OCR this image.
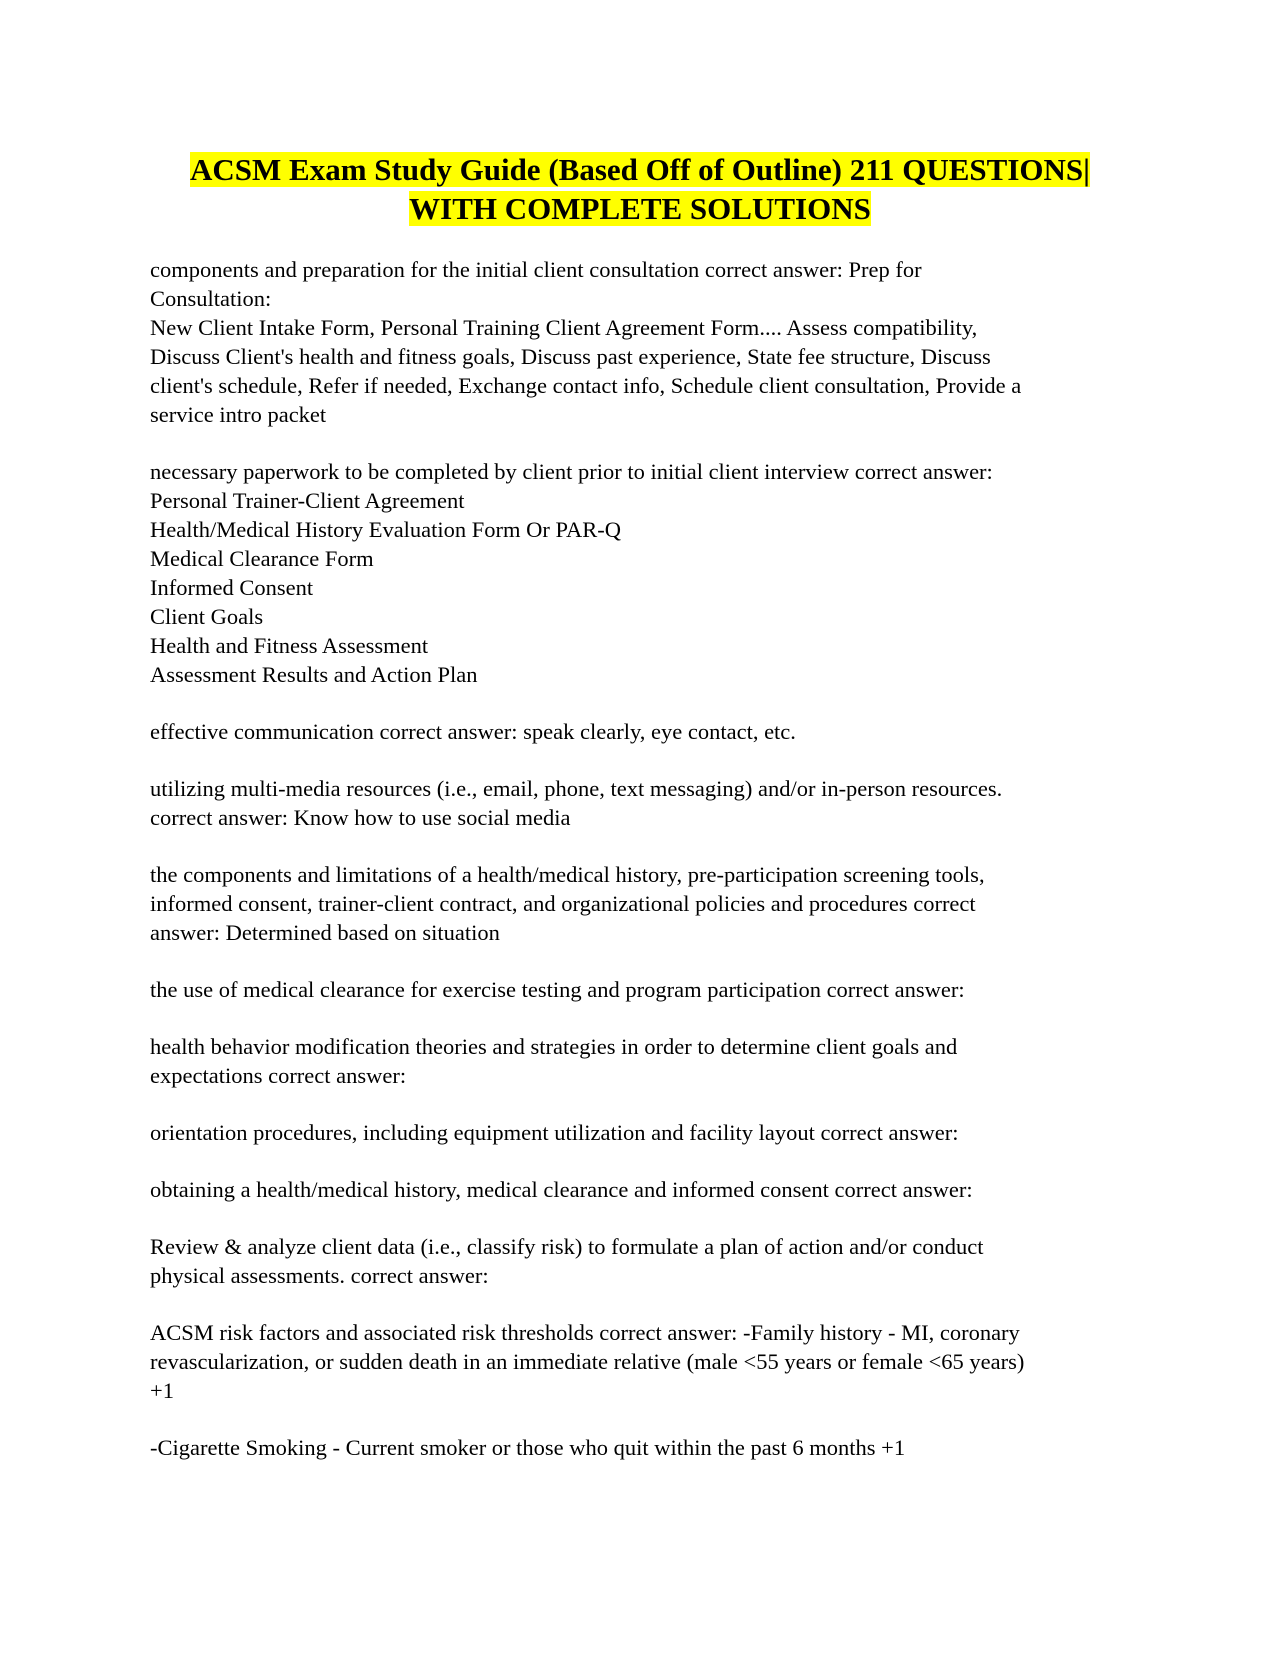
ACSM Exam Study Guide (Based Off of Outline) 211 QUESTIONS|
WITH COMPLETE SOLUTIONS

components and preparation for the initial client consultation correct answer: Prep for
Consultation:
New Client Intake Form, Personal Training Client Agreement Form.... Assess compatibility,
Discuss Client's health and fitness goals, Discuss past experience, State fee structure, Discuss
client's schedule, Refer if needed, Exchange contact info, Schedule client consultation, Provide a
service intro packet

necessary paperwork to be completed by client prior to initial client interview correct answer:
Personal Trainer-Client Agreement
Health/Medical History Evaluation Form Or PAR-Q
Medical Clearance Form
Informed Consent
Client Goals
Health and Fitness Assessment
Assessment Results and Action Plan

effective communication correct answer: speak clearly, eye contact, etc.

utilizing multi-media resources (i.e., email, phone, text messaging) and/or in-person resources.
correct answer: Know how to use social media

the components and limitations of a health/medical history, pre-participation screening tools,
informed consent, trainer-client contract, and organizational policies and procedures correct
answer: Determined based on situation

the use of medical clearance for exercise testing and program participation correct answer:

health behavior modification theories and strategies in order to determine client goals and
expectations correct answer:

orientation procedures, including equipment utilization and facility layout correct answer:

obtaining a health/medical history, medical clearance and informed consent correct answer:

Review & analyze client data (i.e., classify risk) to formulate a plan of action and/or conduct
physical assessments. correct answer:

ACSM risk factors and associated risk thresholds correct answer: -Family history - MI, coronary
revascularization, or sudden death in an immediate relative (male <55 years or female <65 years)
+1

-Cigarette Smoking - Current smoker or those who quit within the past 6 months +1
